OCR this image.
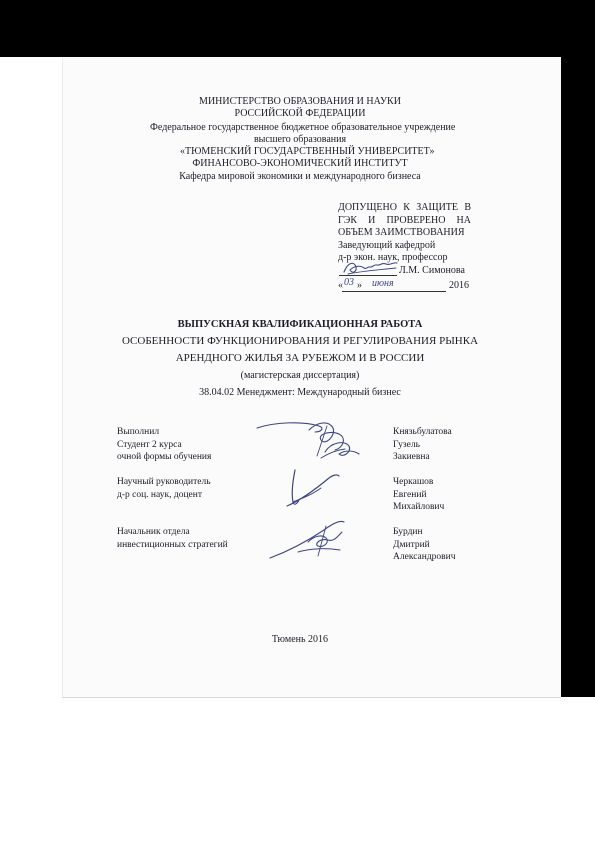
МИНИСТЕРСТВО ОБРАЗОВАНИЯ И НАУКИ
РОССИЙСКОЙ ФЕДЕРАЦИИ
Федеральное государственное бюджетное образовательное учреждение
высшего образования
«ТЮМЕНСКИЙ ГОСУДАРСТВЕННЫЙ УНИВЕРСИТЕТ»
ФИНАНСОВО-ЭКОНОМИЧЕСКИЙ ИНСТИТУТ
Кафедра мировой экономики и международного бизнеса
ДОПУЩЕНО К ЗАЩИТЕ В
ГЭК И ПРОВЕРЕНО НА
ОБЪЕМ ЗАИМСТВОВАНИЯ
Заведующий кафедрой
д-р экон. наук, профессор
Л.М. Симонова
« 03 » июня	2016
ВЫПУСКНАЯ КВАЛИФИКАЦИОННАЯ РАБОТА
ОСОБЕННОСТИ ФУНКЦИОНИРОВАНИЯ И РЕГУЛИРОВАНИЯ РЫНКА
АРЕНДНОГО ЖИЛЬЯ ЗА РУБЕЖОМ И В РОССИИ
(магистерская диссертация)
38.04.02 Менеджмент: Международный бизнес
Выполнил
Студент 2 курса
очной формы обучения
Князьбулатова
Гузель
Закиевна
Научный руководитель
д-р соц. наук, доцент
Черкашов
Евгений
Михайлович
Начальник отдела
инвестиционных стратегий
Бурдин
Дмитрий
Александрович
Тюмень 2016
